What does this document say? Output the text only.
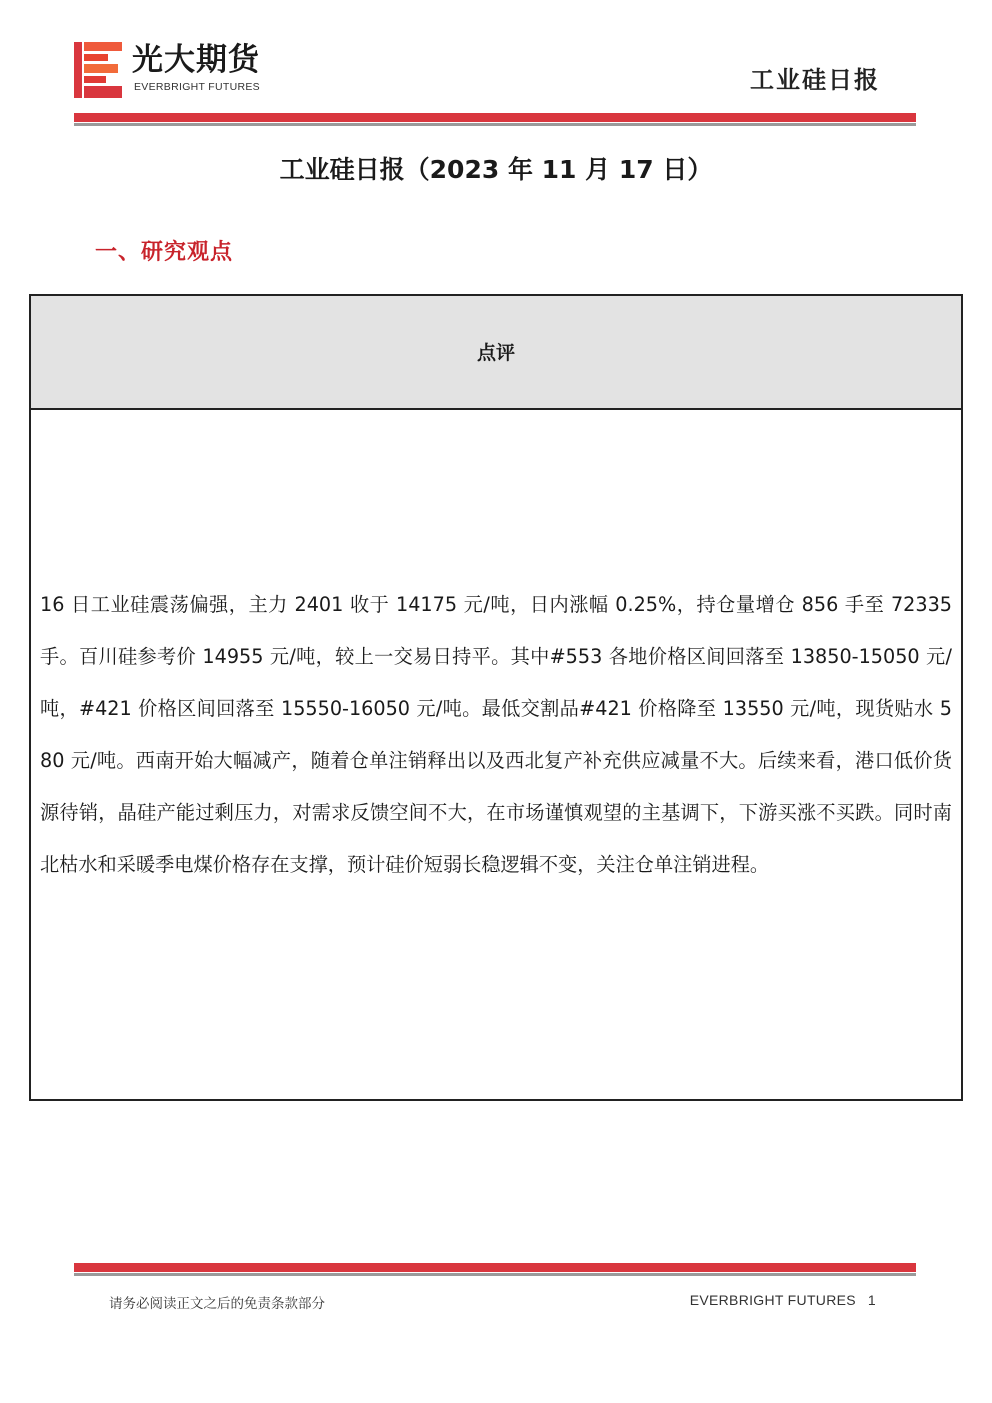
光大期货
EVERBRIGHT FUTURES	工业硅日报
工业硅日报（2023 年 11 月 17 日）
一、研究观点
点评
16 日工业硅震荡偏强，主力 2401 收于 14175 元/吨，日内涨幅 0.25%，持仓量增仓 856 手至 72335 手。百川硅参考价 14955 元/吨，较上一交易日持平。其中#553 各地价格区间回落至 13850-15050 元/吨，#421 价格区间回落至 15550-16050 元/吨。最低交割品#421 价格降至 13550 元/吨，现货贴水 580 元/吨。西南开始大幅减产，随着仓单注销释出以及西北复产补充供应减量不大。后续来看，港口低价货源待销，晶硅产能过剩压力，对需求反馈空间不大，在市场谨慎观望的主基调下，下游买涨不买跌。同时南北枯水和采暖季电煤价格存在支撑，预计硅价短弱长稳逻辑不变，关注仓单注销进程。
请务必阅读正文之后的免责条款部分	EVERBRIGHT FUTURES 1
